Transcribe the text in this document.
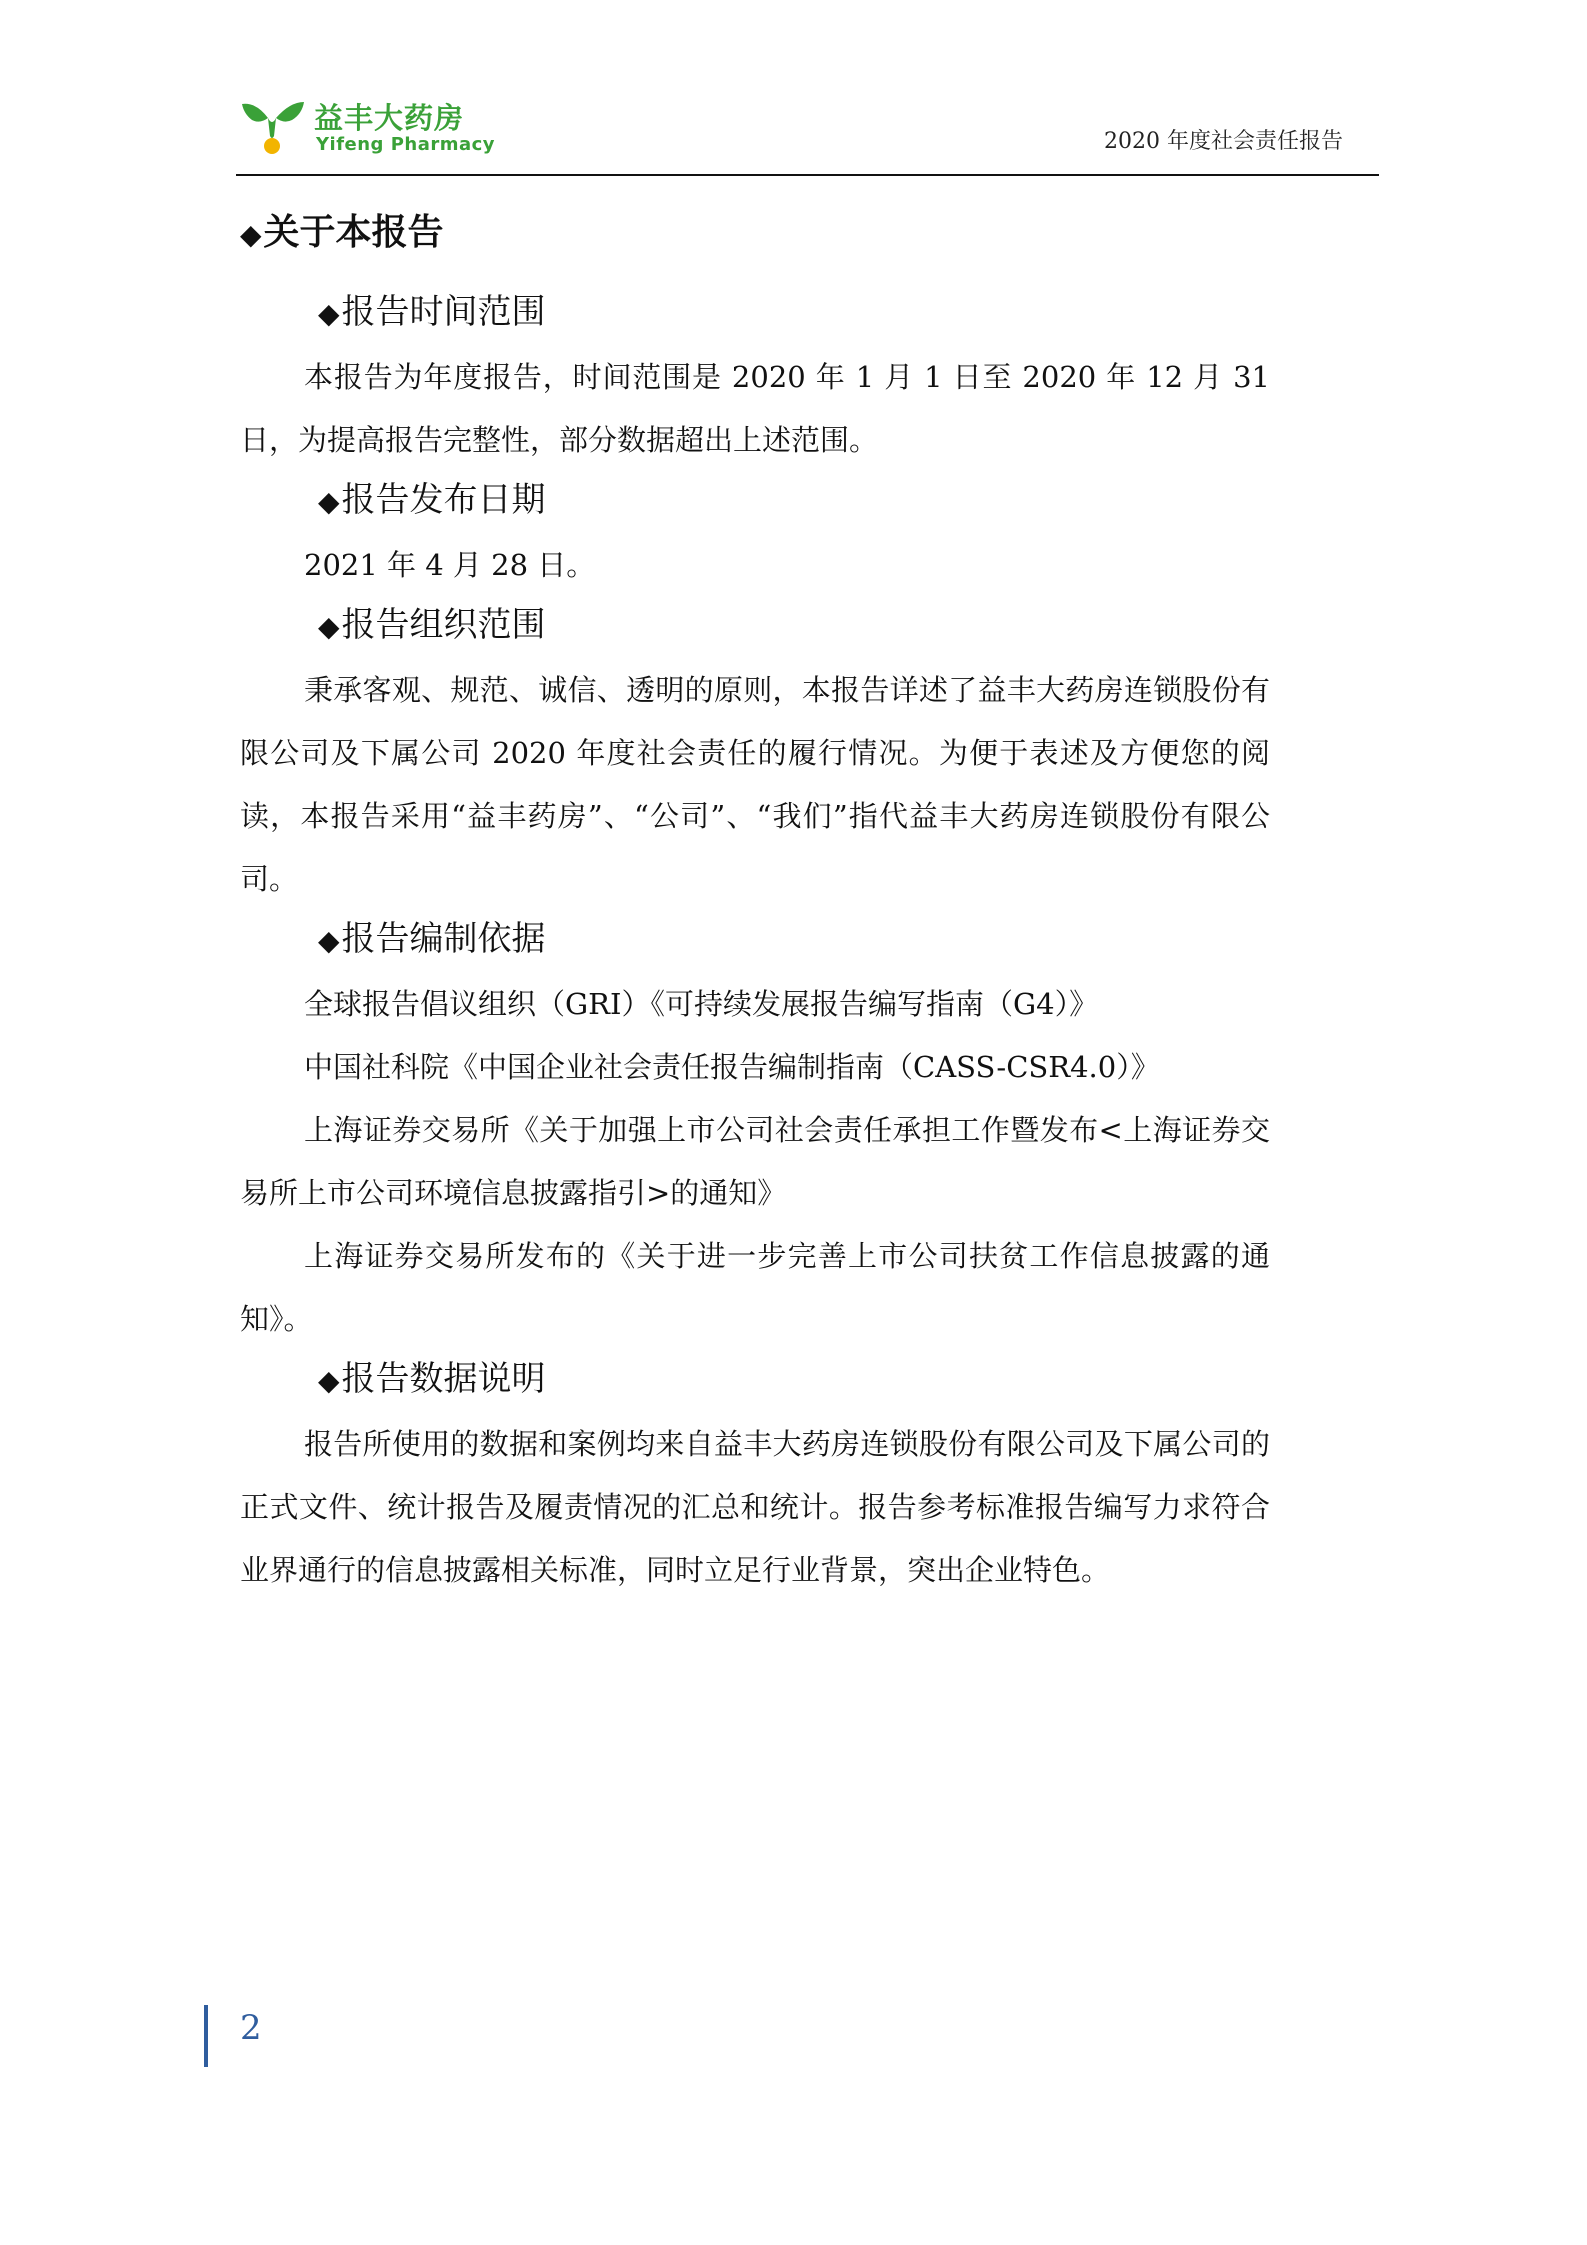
益丰大药房
Yifeng Pharmacy	2020 年度社会责任报告
◆关于本报告
◆报告时间范围

本报告为年度报告，时间范围是 2020 年 1 月 1 日至 2020 年 12 月 31 日，为提高报告完整性，部分数据超出上述范围。

◆报告发布日期

2021 年 4 月 28 日。

◆报告组织范围

秉承客观、规范、诚信、透明的原则，本报告详述了益丰大药房连锁股份有限公司及下属公司 2020 年度社会责任的履行情况。为便于表述及方便您的阅读，本报告采用“益丰药房”、“公司”、“我们”指代益丰大药房连锁股份有限公司。

◆报告编制依据

全球报告倡议组织（GRI）《可持续发展报告编写指南（G4）》

中国社科院《中国企业社会责任报告编制指南（CASS-CSR4.0）》

上海证券交易所《关于加强上市公司社会责任承担工作暨发布<上海证券交易所上市公司环境信息披露指引>的通知》

上海证券交易所发布的《关于进一步完善上市公司扶贫工作信息披露的通知》。

◆报告数据说明

报告所使用的数据和案例均来自益丰大药房连锁股份有限公司及下属公司的正式文件、统计报告及履责情况的汇总和统计。报告参考标准报告编写力求符合业界通行的信息披露相关标准，同时立足行业背景，突出企业特色。

2
